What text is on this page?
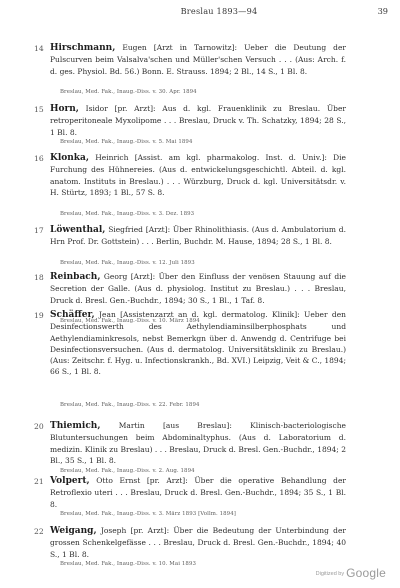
Breslau 1893—94	39
14 Hirschmann, Eugen [Arzt in Tarnowitz]: Ueber die Deutung der Pulscurven beim Valsalva'schen und Müller'schen Versuch . . . (Aus: Arch. f. d. ges. Physiol. Bd. 56.) Bonn. E. Strauss. 1894; 2 Bl., 14 S., 1 Bl. 8.
Breslau, Med. Fak., Inaug.-Diss. v. 30. Apr. 1894
15 Horn, Isidor [pr. Arzt]: Aus d. kgl. Frauenklinik zu Breslau. Über retroperitoneale Myxolipome . . . Breslau, Druck v. Th. Schatzky, 1894; 28 S., 1 Bl. 8.
Breslau, Med. Fak., Inaug.-Diss. v. 5. Mai 1894
16 Klonka, Heinrich [Assist. am kgl. pharmakolog. Inst. d. Univ.]: Die Furchung des Hühnereies. (Aus d. entwickelungsgeschichtl. Abteil. d. kgl. anatom. Instituts in Breslau.) . . . Würzburg, Druck d. kgl. Universitätsdr. v. H. Stürtz, 1893; 1 Bl., 57 S. 8.
Breslau, Med. Fak., Inaug.-Diss. v. 3. Dez. 1893
17 Löwenthal, Siegfried [Arzt]: Über Rhinolithiasis. (Aus d. Ambulatorium d. Hrn Prof. Dr. Gottstein) . . . Berlin, Buchdr. M. Hause, 1894; 28 S., 1 Bl. 8.
Breslau, Med. Fak., Inaug.-Diss. v. 12. Juli 1893
18 Reinbach, Georg [Arzt]: Über den Einfluss der venösen Stauung auf die Secretion der Galle. (Aus d. physiolog. Institut zu Breslau.) . . . Breslau, Druck d. Bresl. Gen.-Buchdr., 1894; 30 S., 1 Bl., 1 Taf. 8.
Breslau, Med. Fak., Inaug.-Diss. v. 10. März 1894
19 Schäffer, Jean [Assistenzarzt an d. kgl. dermatolog. Klinik]: Ueber den Desinfectionswerth des Aethylendiaminsilberphosphats und Aethylendiaminkresols, nebst Bemerkgn über d. Anwendg d. Centrifuge bei Desinfectionsversuchen. (Aus d. dermatolog. Universitätsklinik zu Breslau.) (Aus: Zeitschr. f. Hyg. u. Infectionskrankh., Bd. XVI.) Leipzig, Veit & C., 1894; 66 S., 1 Bl. 8.
Breslau, Med. Fak., Inaug.-Diss. v. 22. Febr. 1894
20 Thiemich, Martin [aus Breslau]: Klinisch-bacteriologische Blutuntersuchungen beim Abdominaltyphus. (Aus d. Laboratorium d. medizin. Klinik zu Breslau) . . . Breslau, Druck d. Bresl. Gen.-Buchdr., 1894; 2 Bl., 35 S., 1 Bl. 8.
Breslau, Med. Fak., Inaug.-Diss. v. 2. Aug. 1894
21 Volpert, Otto Ernst [pr. Arzt]: Über die operative Behandlung der Retroflexio uteri . . . Breslau, Druck d. Bresl. Gen.-Buchdr., 1894; 35 S., 1 Bl. 8.
Breslau, Med. Fak., Inaug.-Diss. v. 3. März 1893 [Vollm. 1894]
22 Weigang, Joseph [pr. Arzt]: Über die Bedeutung der Unterbindung der grossen Schenkelgefässe . . . Breslau, Druck d. Bresl. Gen.-Buchdr., 1894; 40 S., 1 Bl. 8.
Breslau, Med. Fak., Inaug.-Diss. v. 10. Mai 1893
Digitized by Google
